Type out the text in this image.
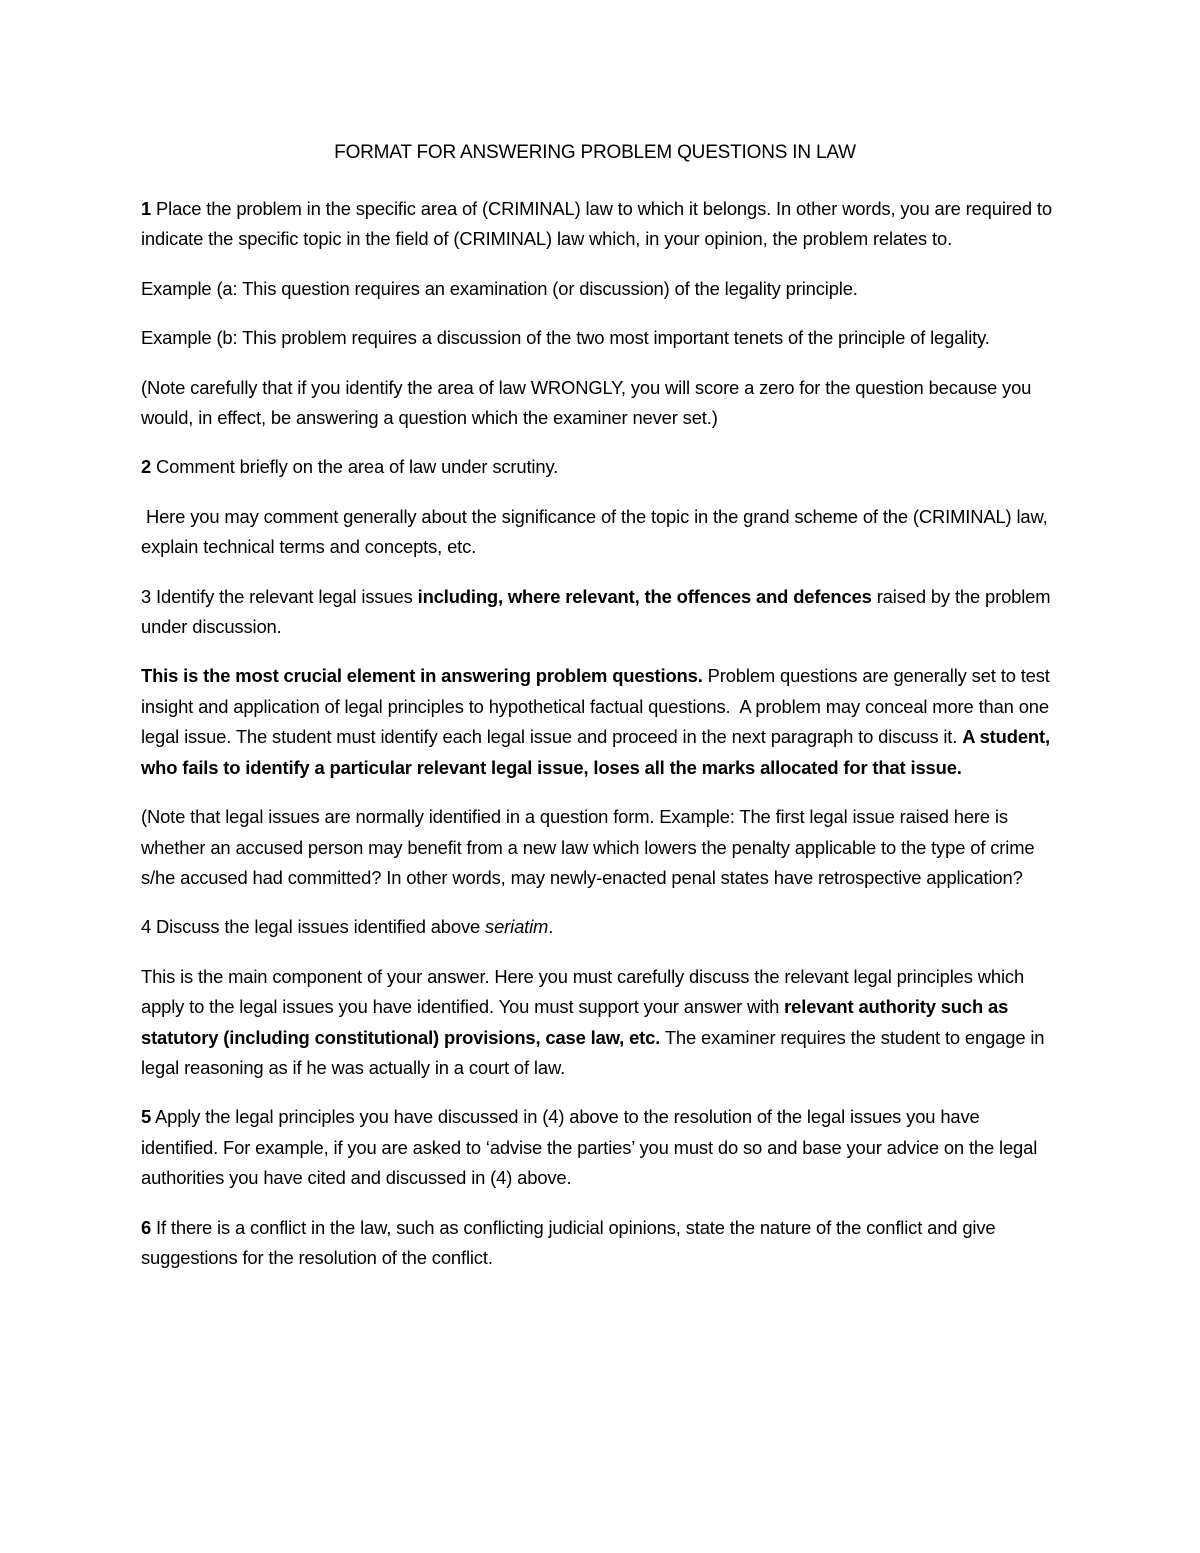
FORMAT FOR ANSWERING PROBLEM QUESTIONS IN LAW

1 Place the problem in the specific area of (CRIMINAL) law to which it belongs. In other words, you are required to indicate the specific topic in the field of (CRIMINAL) law which, in your opinion, the problem relates to.

Example (a: This question requires an examination (or discussion) of the legality principle.

Example (b: This problem requires a discussion of the two most important tenets of the principle of legality.

(Note carefully that if you identify the area of law WRONGLY, you will score a zero for the question because you would, in effect, be answering a question which the examiner never set.)

2 Comment briefly on the area of law under scrutiny.

Here you may comment generally about the significance of the topic in the grand scheme of the (CRIMINAL) law, explain technical terms and concepts, etc.

3 Identify the relevant legal issues including, where relevant, the offences and defences raised by the problem under discussion.

This is the most crucial element in answering problem questions. Problem questions are generally set to test insight and application of legal principles to hypothetical factual questions.  A problem may conceal more than one legal issue. The student must identify each legal issue and proceed in the next paragraph to discuss it. A student, who fails to identify a particular relevant legal issue, loses all the marks allocated for that issue.

(Note that legal issues are normally identified in a question form. Example: The first legal issue raised here is whether an accused person may benefit from a new law which lowers the penalty applicable to the type of crime s/he accused had committed? In other words, may newly-enacted penal states have retrospective application?

4 Discuss the legal issues identified above seriatim.

This is the main component of your answer. Here you must carefully discuss the relevant legal principles which apply to the legal issues you have identified. You must support your answer with relevant authority such as statutory (including constitutional) provisions, case law, etc. The examiner requires the student to engage in legal reasoning as if he was actually in a court of law.

5 Apply the legal principles you have discussed in (4) above to the resolution of the legal issues you have identified. For example, if you are asked to ‘advise the parties’ you must do so and base your advice on the legal authorities you have cited and discussed in (4) above.

6 If there is a conflict in the law, such as conflicting judicial opinions, state the nature of the conflict and give suggestions for the resolution of the conflict.
